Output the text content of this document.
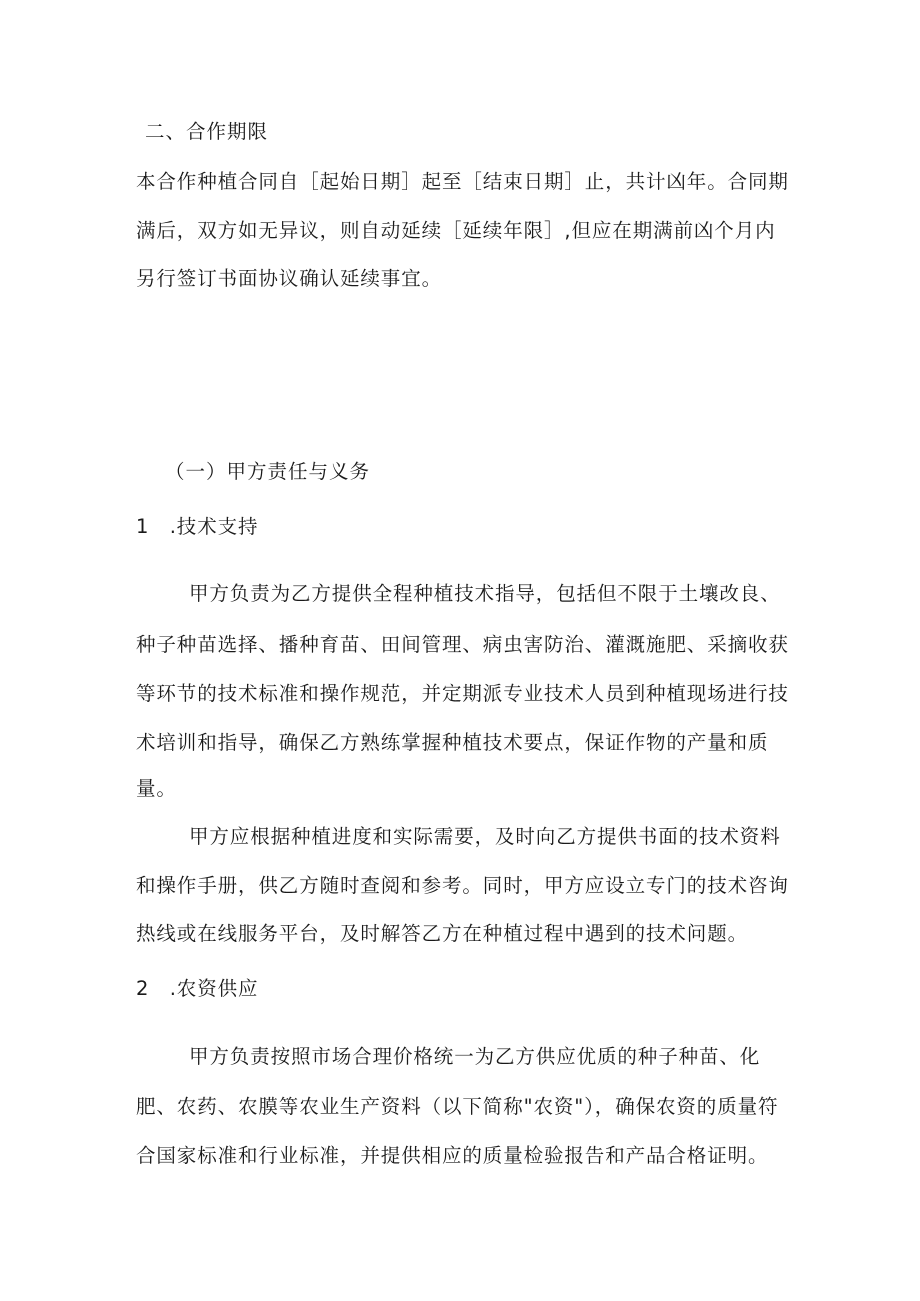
二、合作期限
本合作种植合同自［起始日期］起至［结束日期］止，共计凶年。合同期
满后，双方如无异议，则自动延续［延续年限］,但应在期满前凶个月内
另行签订书面协议确认延续事宜。
（一）甲方责任与义务
1　.技术支持
甲方负责为乙方提供全程种植技术指导，包括但不限于土壤改良、
种子种苗选择、播种育苗、田间管理、病虫害防治、灌溉施肥、采摘收获
等环节的技术标准和操作规范，并定期派专业技术人员到种植现场进行技
术培训和指导，确保乙方熟练掌握种植技术要点，保证作物的产量和质
量。
甲方应根据种植进度和实际需要，及时向乙方提供书面的技术资料
和操作手册，供乙方随时查阅和参考。同时，甲方应设立专门的技术咨询
热线或在线服务平台，及时解答乙方在种植过程中遇到的技术问题。
2　.农资供应
甲方负责按照市场合理价格统一为乙方供应优质的种子种苗、化
肥、农药、农膜等农业生产资料（以下简称"农资"），确保农资的质量符
合国家标准和行业标准，并提供相应的质量检验报告和产品合格证明。
